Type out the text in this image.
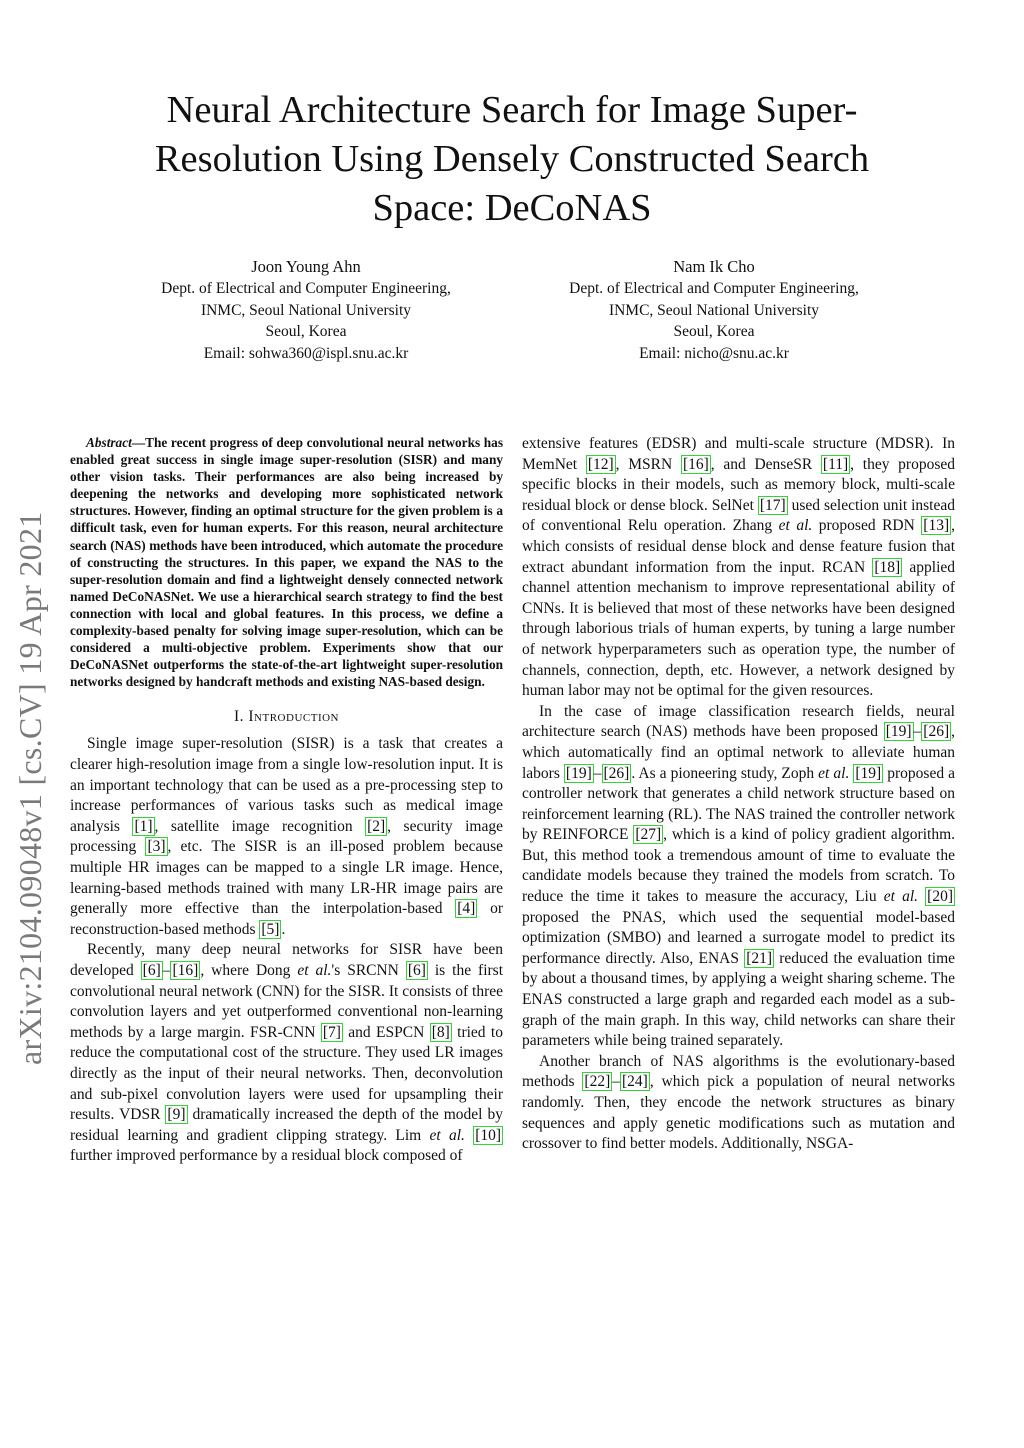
Neural Architecture Search for Image Super-Resolution Using Densely Constructed Search Space: DeCoNAS
Joon Young Ahn
Dept. of Electrical and Computer Engineering,
INMC, Seoul National University
Seoul, Korea
Email: sohwa360@ispl.snu.ac.kr
Nam Ik Cho
Dept. of Electrical and Computer Engineering,
INMC, Seoul National University
Seoul, Korea
Email: nicho@snu.ac.kr
arXiv:2104.09048v1 [cs.CV] 19 Apr 2021

Abstract—The recent progress of deep convolutional neural networks has enabled great success in single image super-resolution (SISR) and many other vision tasks. Their performances are also being increased by deepening the networks and developing more sophisticated network structures. However, finding an optimal structure for the given problem is a difficult task, even for human experts. For this reason, neural architecture search (NAS) methods have been introduced, which automate the procedure of constructing the structures. In this paper, we expand the NAS to the super-resolution domain and find a lightweight densely connected network named DeCoNASNet. We use a hierarchical search strategy to find the best connection with local and global features. In this process, we define a complexity-based penalty for solving image super-resolution, which can be considered a multi-objective problem. Experiments show that our DeCoNASNet outperforms the state-of-the-art lightweight super-resolution networks designed by handcraft methods and existing NAS-based design.

I. Introduction

Single image super-resolution (SISR) is a task that creates a clearer high-resolution image from a single low-resolution input. It is an important technology that can be used as a pre-processing step to increase performances of various tasks such as medical image analysis [1] , satellite image recognition [2] , security image processing [3] , etc. The SISR is an ill-posed problem because multiple HR images can be mapped to a single LR image. Hence, learning-based methods trained with many LR-HR image pairs are generally more effective than the interpolation-based [4] or reconstruction-based methods [5] .

Recently, many deep neural networks for SISR have been developed [6] – [16] , where Dong et al.'s SRCNN [6] is the first convolutional neural network (CNN) for the SISR. It consists of three convolution layers and yet outperformed conventional non-learning methods by a large margin. FSR-CNN [7] and ESPCN [8] tried to reduce the computational cost of the structure. They used LR images directly as the input of their neural networks. Then, deconvolution and sub-pixel convolution layers were used for upsampling their results. VDSR [9] dramatically increased the depth of the model by residual learning and gradient clipping strategy. Lim et al. [10] further improved performance by a residual block composed of

extensive features (EDSR) and multi-scale structure (MDSR). In MemNet [12] , MSRN [16] , and DenseSR [11] , they proposed specific blocks in their models, such as memory block, multi-scale residual block or dense block. SelNet [17] used selection unit instead of conventional Relu operation. Zhang et al. proposed RDN [13] , which consists of residual dense block and dense feature fusion that extract abundant information from the input. RCAN [18] applied channel attention mechanism to improve representational ability of CNNs. It is believed that most of these networks have been designed through laborious trials of human experts, by tuning a large number of network hyperparameters such as operation type, the number of channels, connection, depth, etc. However, a network designed by human labor may not be optimal for the given resources.

In the case of image classification research fields, neural architecture search (NAS) methods have been proposed [19] – [26] , which automatically find an optimal network to alleviate human labors [19] – [26] . As a pioneering study, Zoph et al. [19] proposed a controller network that generates a child network structure based on reinforcement learning (RL). The NAS trained the controller network by REINFORCE [27] , which is a kind of policy gradient algorithm. But, this method took a tremendous amount of time to evaluate the candidate models because they trained the models from scratch. To reduce the time it takes to measure the accuracy, Liu et al. [20] proposed the PNAS, which used the sequential model-based optimization (SMBO) and learned a surrogate model to predict its performance directly. Also, ENAS [21] reduced the evaluation time by about a thousand times, by applying a weight sharing scheme. The ENAS constructed a large graph and regarded each model as a sub-graph of the main graph. In this way, child networks can share their parameters while being trained separately.

Another branch of NAS algorithms is the evolutionary-based methods [22] – [24] , which pick a population of neural networks randomly. Then, they encode the network structures as binary sequences and apply genetic modifications such as mutation and crossover to find better models. Additionally, NSGA-
